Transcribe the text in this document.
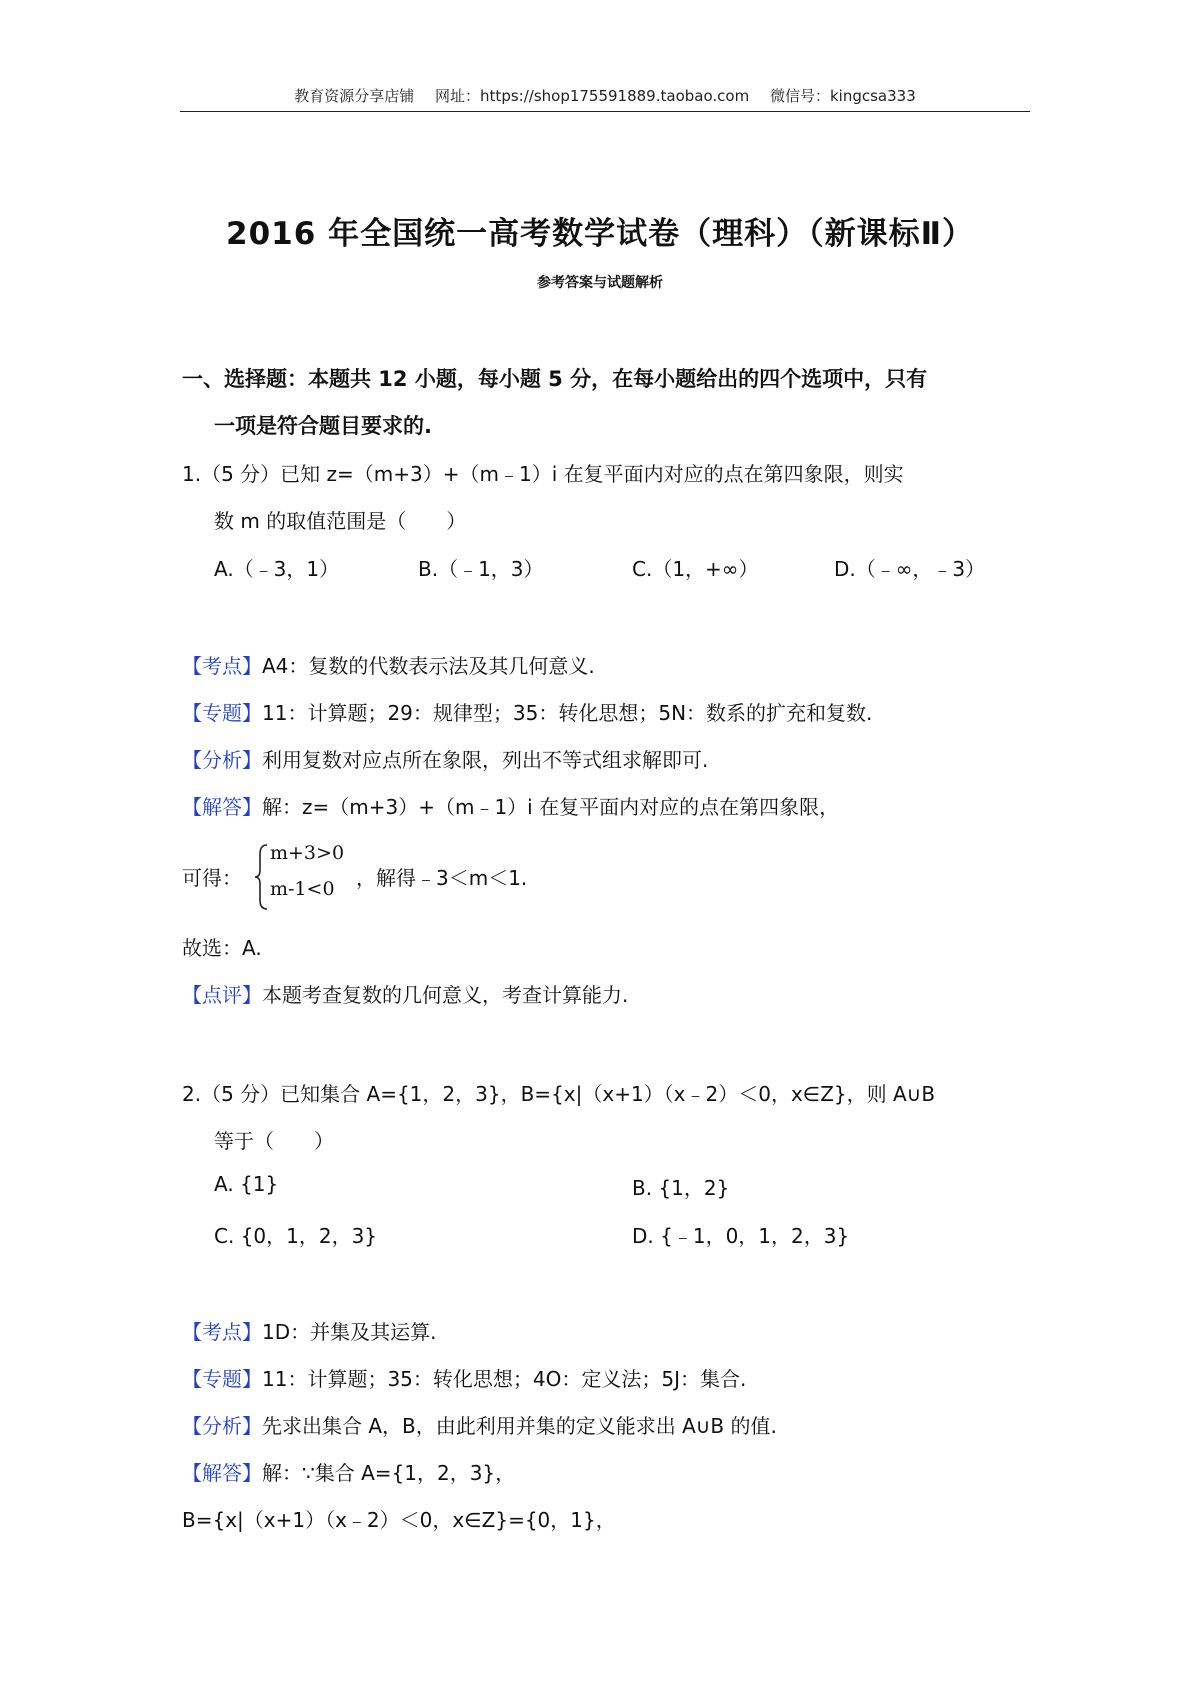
教育资源分享店铺 网址：https://shop175591889.taobao.com 微信号：kingcsa333
2016 年全国统一高考数学试卷（理科）（新课标Ⅱ）
参考答案与试题解析
一、选择题：本题共 12 小题，每小题 5 分，在每小题给出的四个选项中，只有
一项是符合题目要求的.
1.（5 分）已知 z=（m+3）+（m﹣1）i 在复平面内对应的点在第四象限，则实
数 m 的取值范围是（　　）
A.（﹣3，1）	B.（﹣1，3）	C.（1，+∞）	D.（﹣∞，﹣3）
【考点】A4：复数的代数表示法及其几何意义.
【专题】11：计算题；29：规律型；35：转化思想；5N：数系的扩充和复数.
【分析】利用复数对应点所在象限，列出不等式组求解即可.
【解答】解：z=（m+3）+（m﹣1）i 在复平面内对应的点在第四象限，
可得：
m+3>0
m-1<0 ，解得﹣3＜m＜1.
故选：A.
【点评】本题考查复数的几何意义，考查计算能力.
2.（5 分）已知集合 A={1，2，3}，B={x|（x+1）（x﹣2）＜0，x∈Z}，则 A∪B
等于（　　）
A. {1}	B. {1，2}
C. {0，1，2，3}	D. {﹣1，0，1，2，3}
【考点】1D：并集及其运算.
【专题】11：计算题；35：转化思想；4O：定义法；5J：集合.
【分析】先求出集合 A，B，由此利用并集的定义能求出 A∪B 的值.
【解答】解：∵集合 A={1，2，3}，
B={x|（x+1）（x﹣2）＜0，x∈Z}={0，1}，
